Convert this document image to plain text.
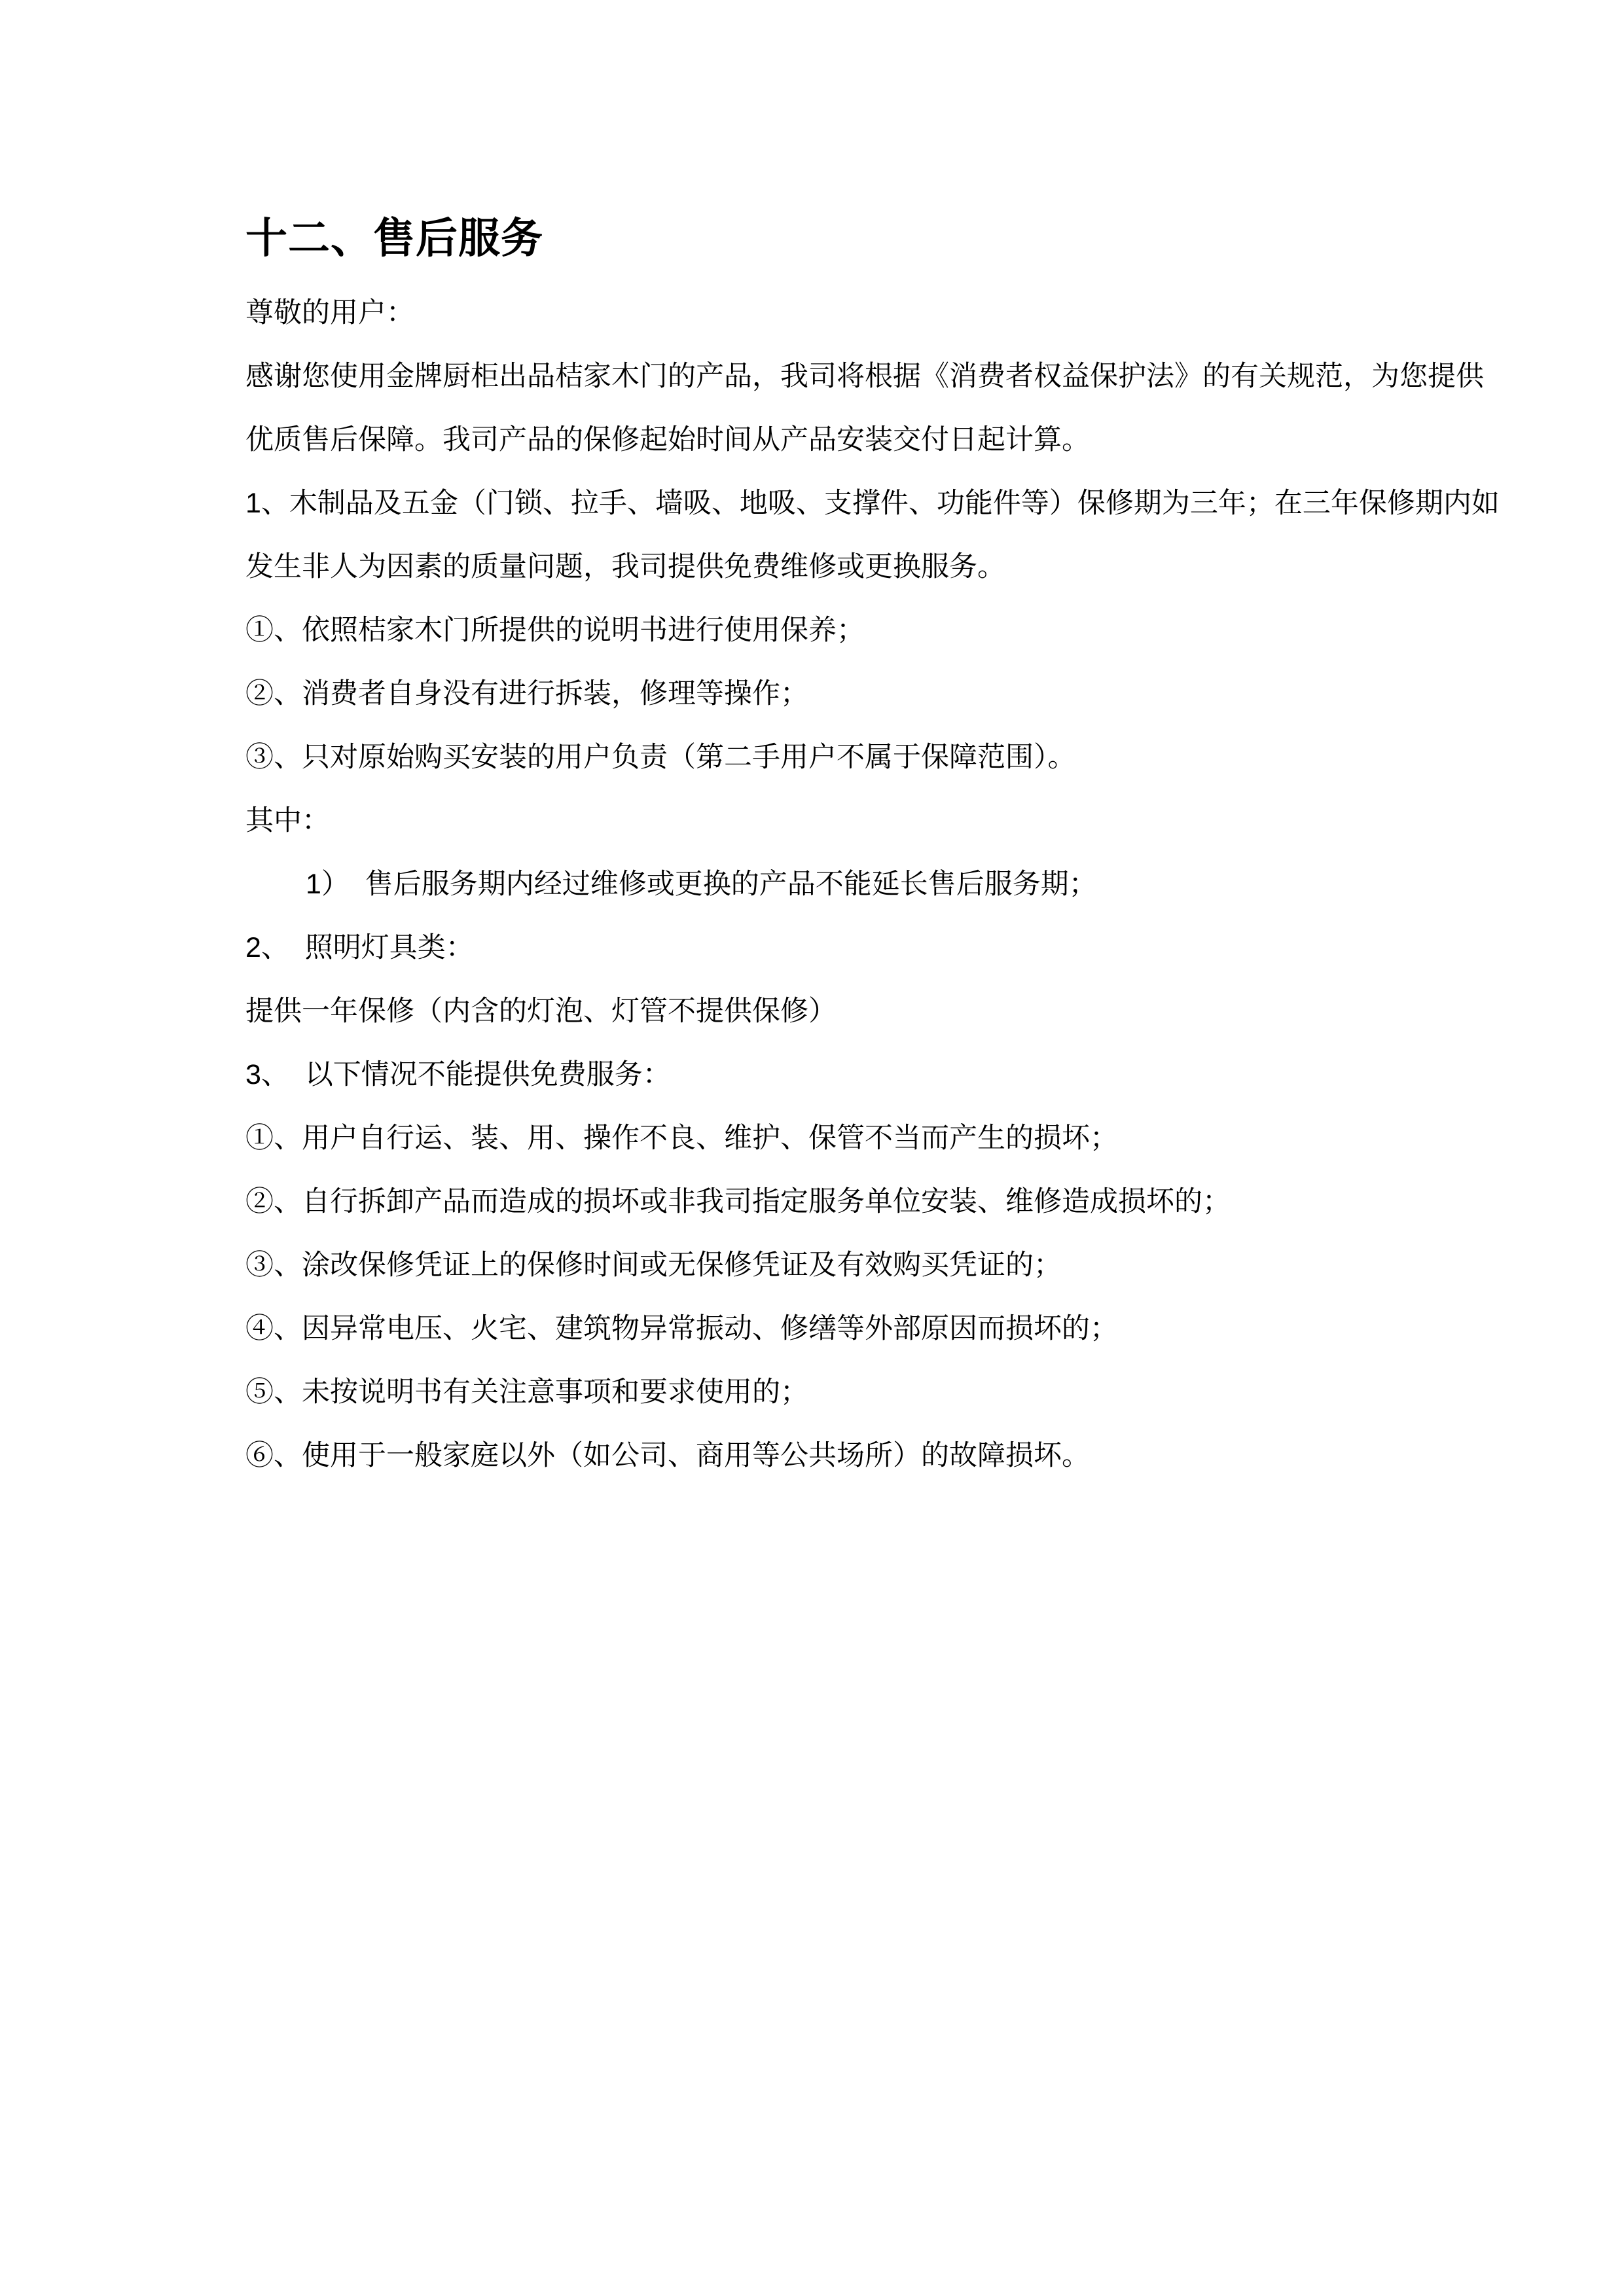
十二、售后服务
尊敬的用户：
感谢您使用金牌厨柜出品桔家木门的产品，我司将根据《消费者权益保护法》的有关规范，为您提供
优质售后保障。我司产品的保修起始时间从产品安装交付日起计算。
1、木制品及五金（门锁、拉手、墙吸、地吸、支撑件、功能件等）保修期为三年；在三年保修期内如
发生非人为因素的质量问题，我司提供免费维修或更换服务。
①、依照桔家木门所提供的说明书进行使用保养；
②、消费者自身没有进行拆装，修理等操作；
③、只对原始购买安装的用户负责（第二手用户不属于保障范围）。
其中：
1）  售后服务期内经过维修或更换的产品不能延长售后服务期；
2、  照明灯具类：
提供一年保修（内含的灯泡、灯管不提供保修）
3、  以下情况不能提供免费服务：
①、用户自行运、装、用、操作不良、维护、保管不当而产生的损坏；
②、自行拆卸产品而造成的损坏或非我司指定服务单位安装、维修造成损坏的；
③、涂改保修凭证上的保修时间或无保修凭证及有效购买凭证的；
④、因异常电压、火宅、建筑物异常振动、修缮等外部原因而损坏的；
⑤、未按说明书有关注意事项和要求使用的；
⑥、使用于一般家庭以外（如公司、商用等公共场所）的故障损坏。
